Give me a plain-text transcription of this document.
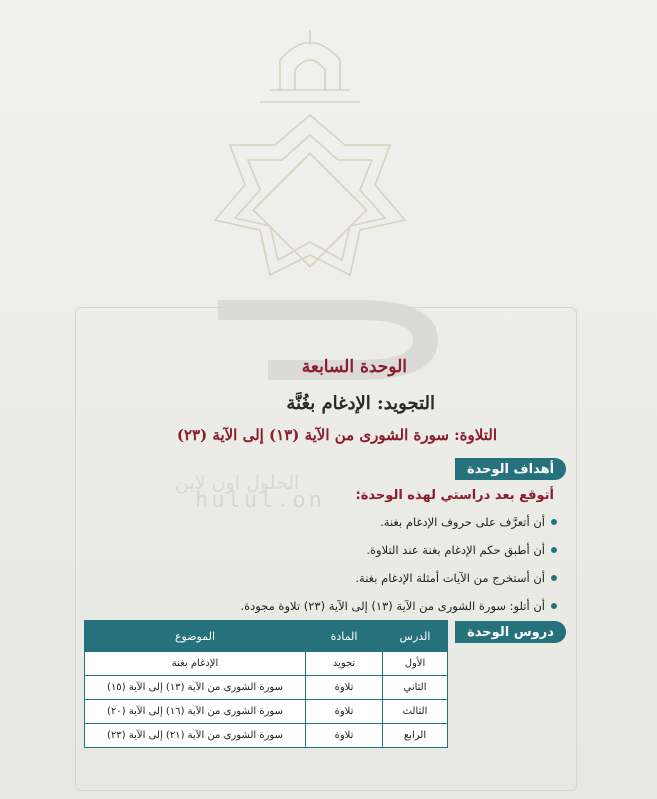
الحلول اون لاين
hulul.on
الوحدة السابعة
التجويد: الإدغام بغُنَّة
التلاوة: سورة الشورى من الآية (١٣) إلى الآية (٢٣)
أهداف الوحدة
أتوقع بعد دراستي لهذه الوحدة:
أن أتعرَّف على حروف الإدغام بغنة.
أن أطبق حكم الإدغام بغنة عند التلاوة.
أن أستخرج من الآيات أمثلة الإدغام بغنة.
أن أتلو: سورة الشورى من الآية (١٣) إلى الآية (٢٣) تلاوة مجودة.
دروس الوحدة
الدرس	المادة	الموضوع
الأول	تجويد	الإدغام بغنة
الثاني	تلاوة	سورة الشورى من الآية (١٣) إلى الآية (١٥)
الثالث	تلاوة	سورة الشورى من الآية (١٦) إلى الآية (٢٠)
الرابع	تلاوة	سورة الشورى من الآية (٢١) إلى الآية (٢٣)
